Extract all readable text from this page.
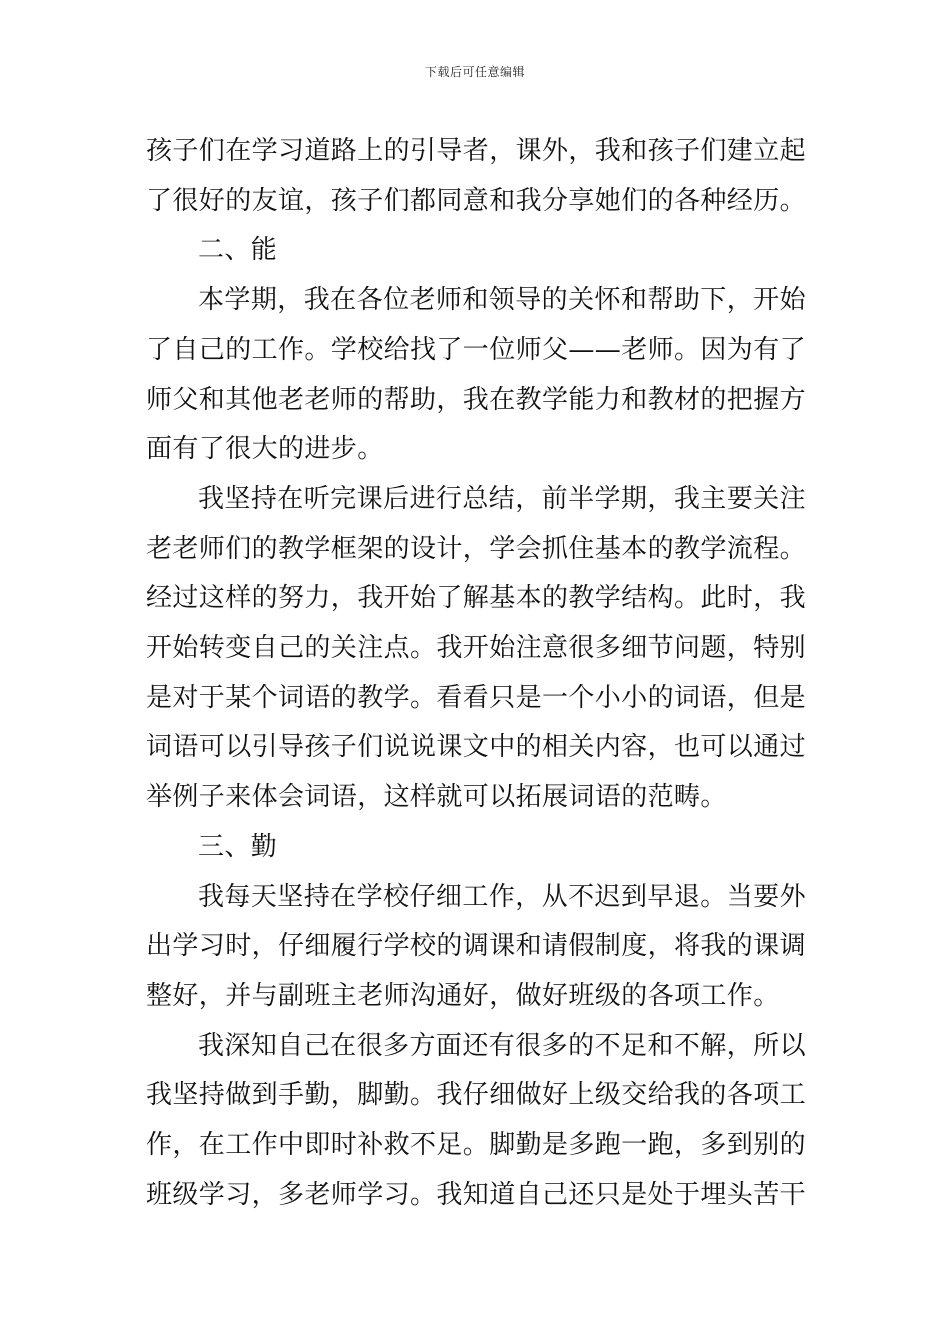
下载后可任意编辑

孩子们在学习道路上的引导者，课外，我和孩子们建立起了很好的友谊，孩子们都同意和我分享她们的各种经历。

二、能

本学期，我在各位老师和领导的关怀和帮助下，开始了自己的工作。学校给找了一位师父——老师。因为有了师父和其他老老师的帮助，我在教学能力和教材的把握方面有了很大的进步。

我坚持在听完课后进行总结，前半学期，我主要关注老老师们的教学框架的设计，学会抓住基本的教学流程。经过这样的努力，我开始了解基本的教学结构。此时，我开始转变自己的关注点。我开始注意很多细节问题，特别是对于某个词语的教学。看看只是一个小小的词语，但是词语可以引导孩子们说说课文中的相关内容，也可以通过举例子来体会词语，这样就可以拓展词语的范畴。

三、勤

我每天坚持在学校仔细工作，从不迟到早退。当要外出学习时，仔细履行学校的调课和请假制度，将我的课调整好，并与副班主老师沟通好，做好班级的各项工作。

我深知自己在很多方面还有很多的不足和不解，所以我坚持做到手勤，脚勤。我仔细做好上级交给我的各项工作，在工作中即时补救不足。脚勤是多跑一跑，多到别的班级学习，多老师学习。我知道自己还只是处于埋头苦干
